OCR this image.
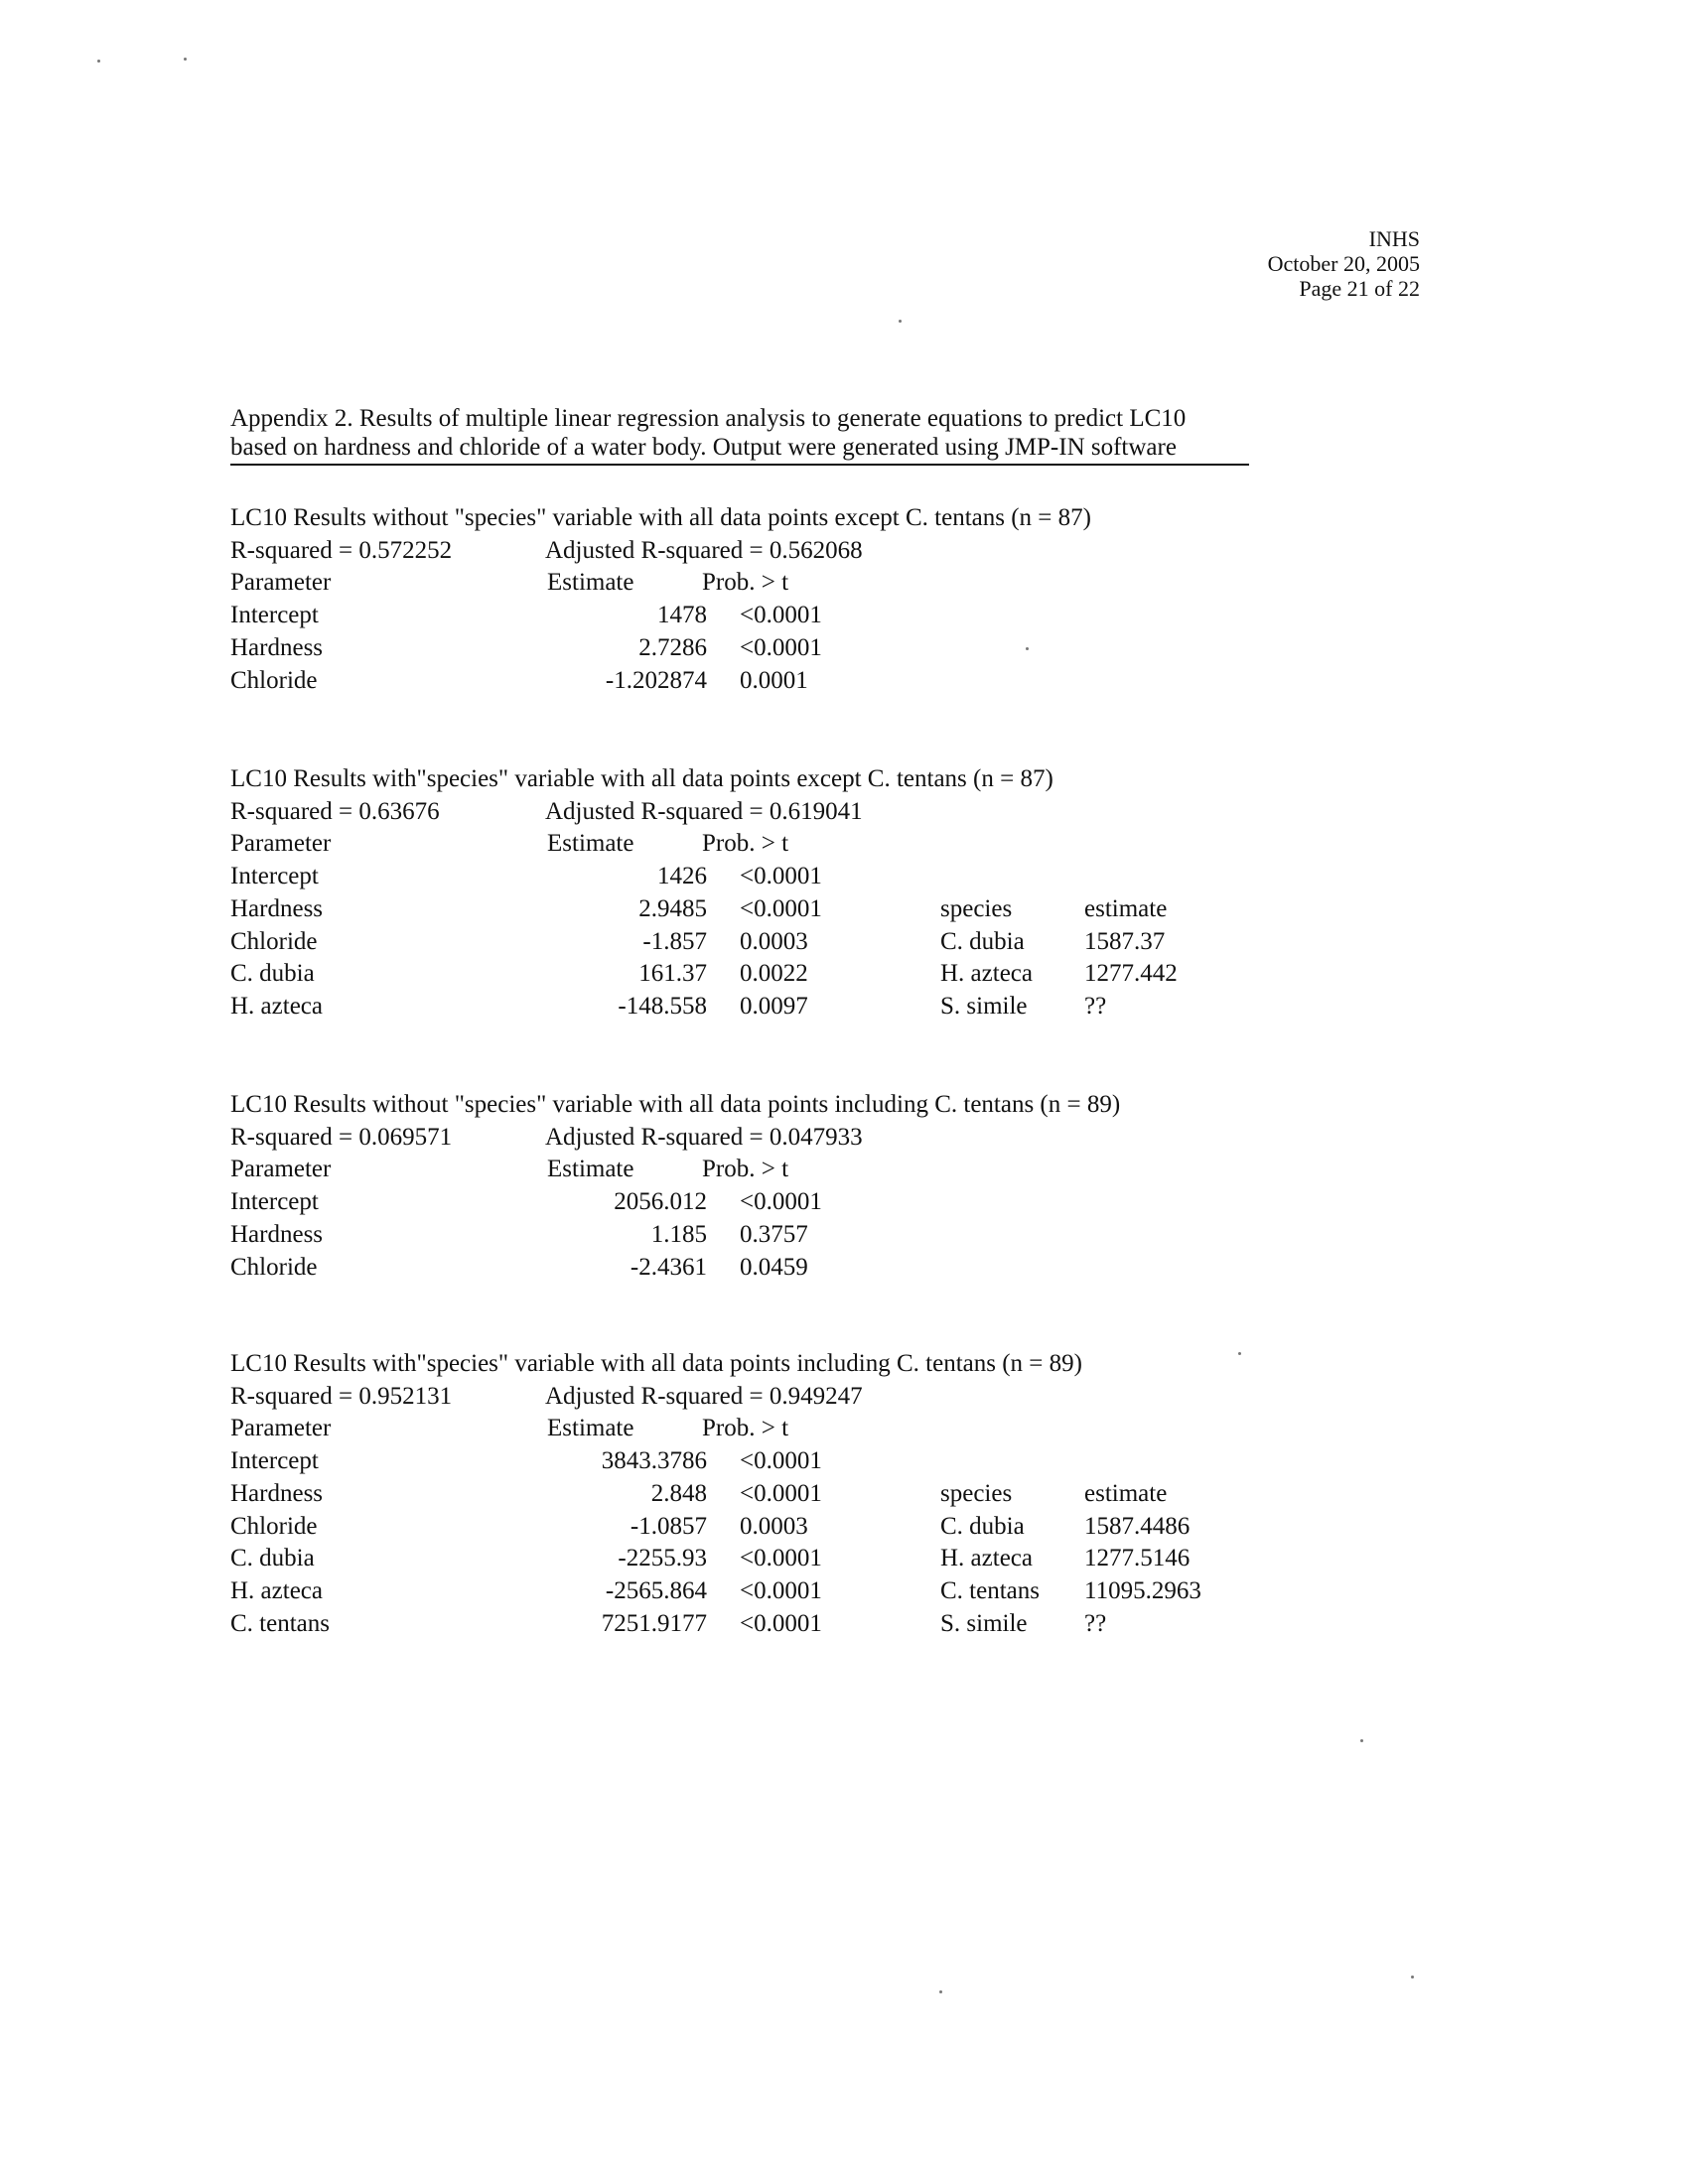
INHS
October 20, 2005
Page 21 of 22
Appendix 2. Results of multiple linear regression analysis to generate equations to predict LC10
based on hardness and chloride of a water body. Output were generated using JMP-IN software
LC10 Results without "species" variable with all data points except C. tentans (n = 87)
R-squared = 0.572252	Adjusted R-squared = 0.562068
Parameter	Estimate	Prob. > t
Intercept	1478 <0.0001
Hardness	2.7286 <0.0001
Chloride	-1.202874 0.0001
LC10 Results with"species" variable with all data points except C. tentans (n = 87)
R-squared = 0.63676	Adjusted R-squared = 0.619041
Parameter	Estimate	Prob. > t
Intercept	1426 <0.0001
Hardness	2.9485 <0.0001
Chloride	-1.857 0.0003
C. dubia	161.37 0.0022
H. azteca	-148.558 0.0097
species	estimate
C. dubia 1587.37
H. azteca 1277.442
S. simile ??
LC10 Results without "species" variable with all data points including C. tentans (n = 89)
R-squared = 0.069571	Adjusted R-squared = 0.047933
Parameter	Estimate	Prob. > t
Intercept	2056.012 <0.0001
Hardness	1.185 0.3757
Chloride	-2.4361 0.0459
LC10 Results with"species" variable with all data points including C. tentans (n = 89)
R-squared = 0.952131	Adjusted R-squared = 0.949247
Parameter	Estimate	Prob. > t
Intercept	3843.3786 <0.0001
Hardness	2.848 <0.0001
Chloride	-1.0857 0.0003
C. dubia	-2255.93 <0.0001
H. azteca	-2565.864 <0.0001
C. tentans	7251.9177 <0.0001
species	estimate
C. dubia 1587.4486
H. azteca 1277.5146
C. tentans 11095.2963
S. simile ??
